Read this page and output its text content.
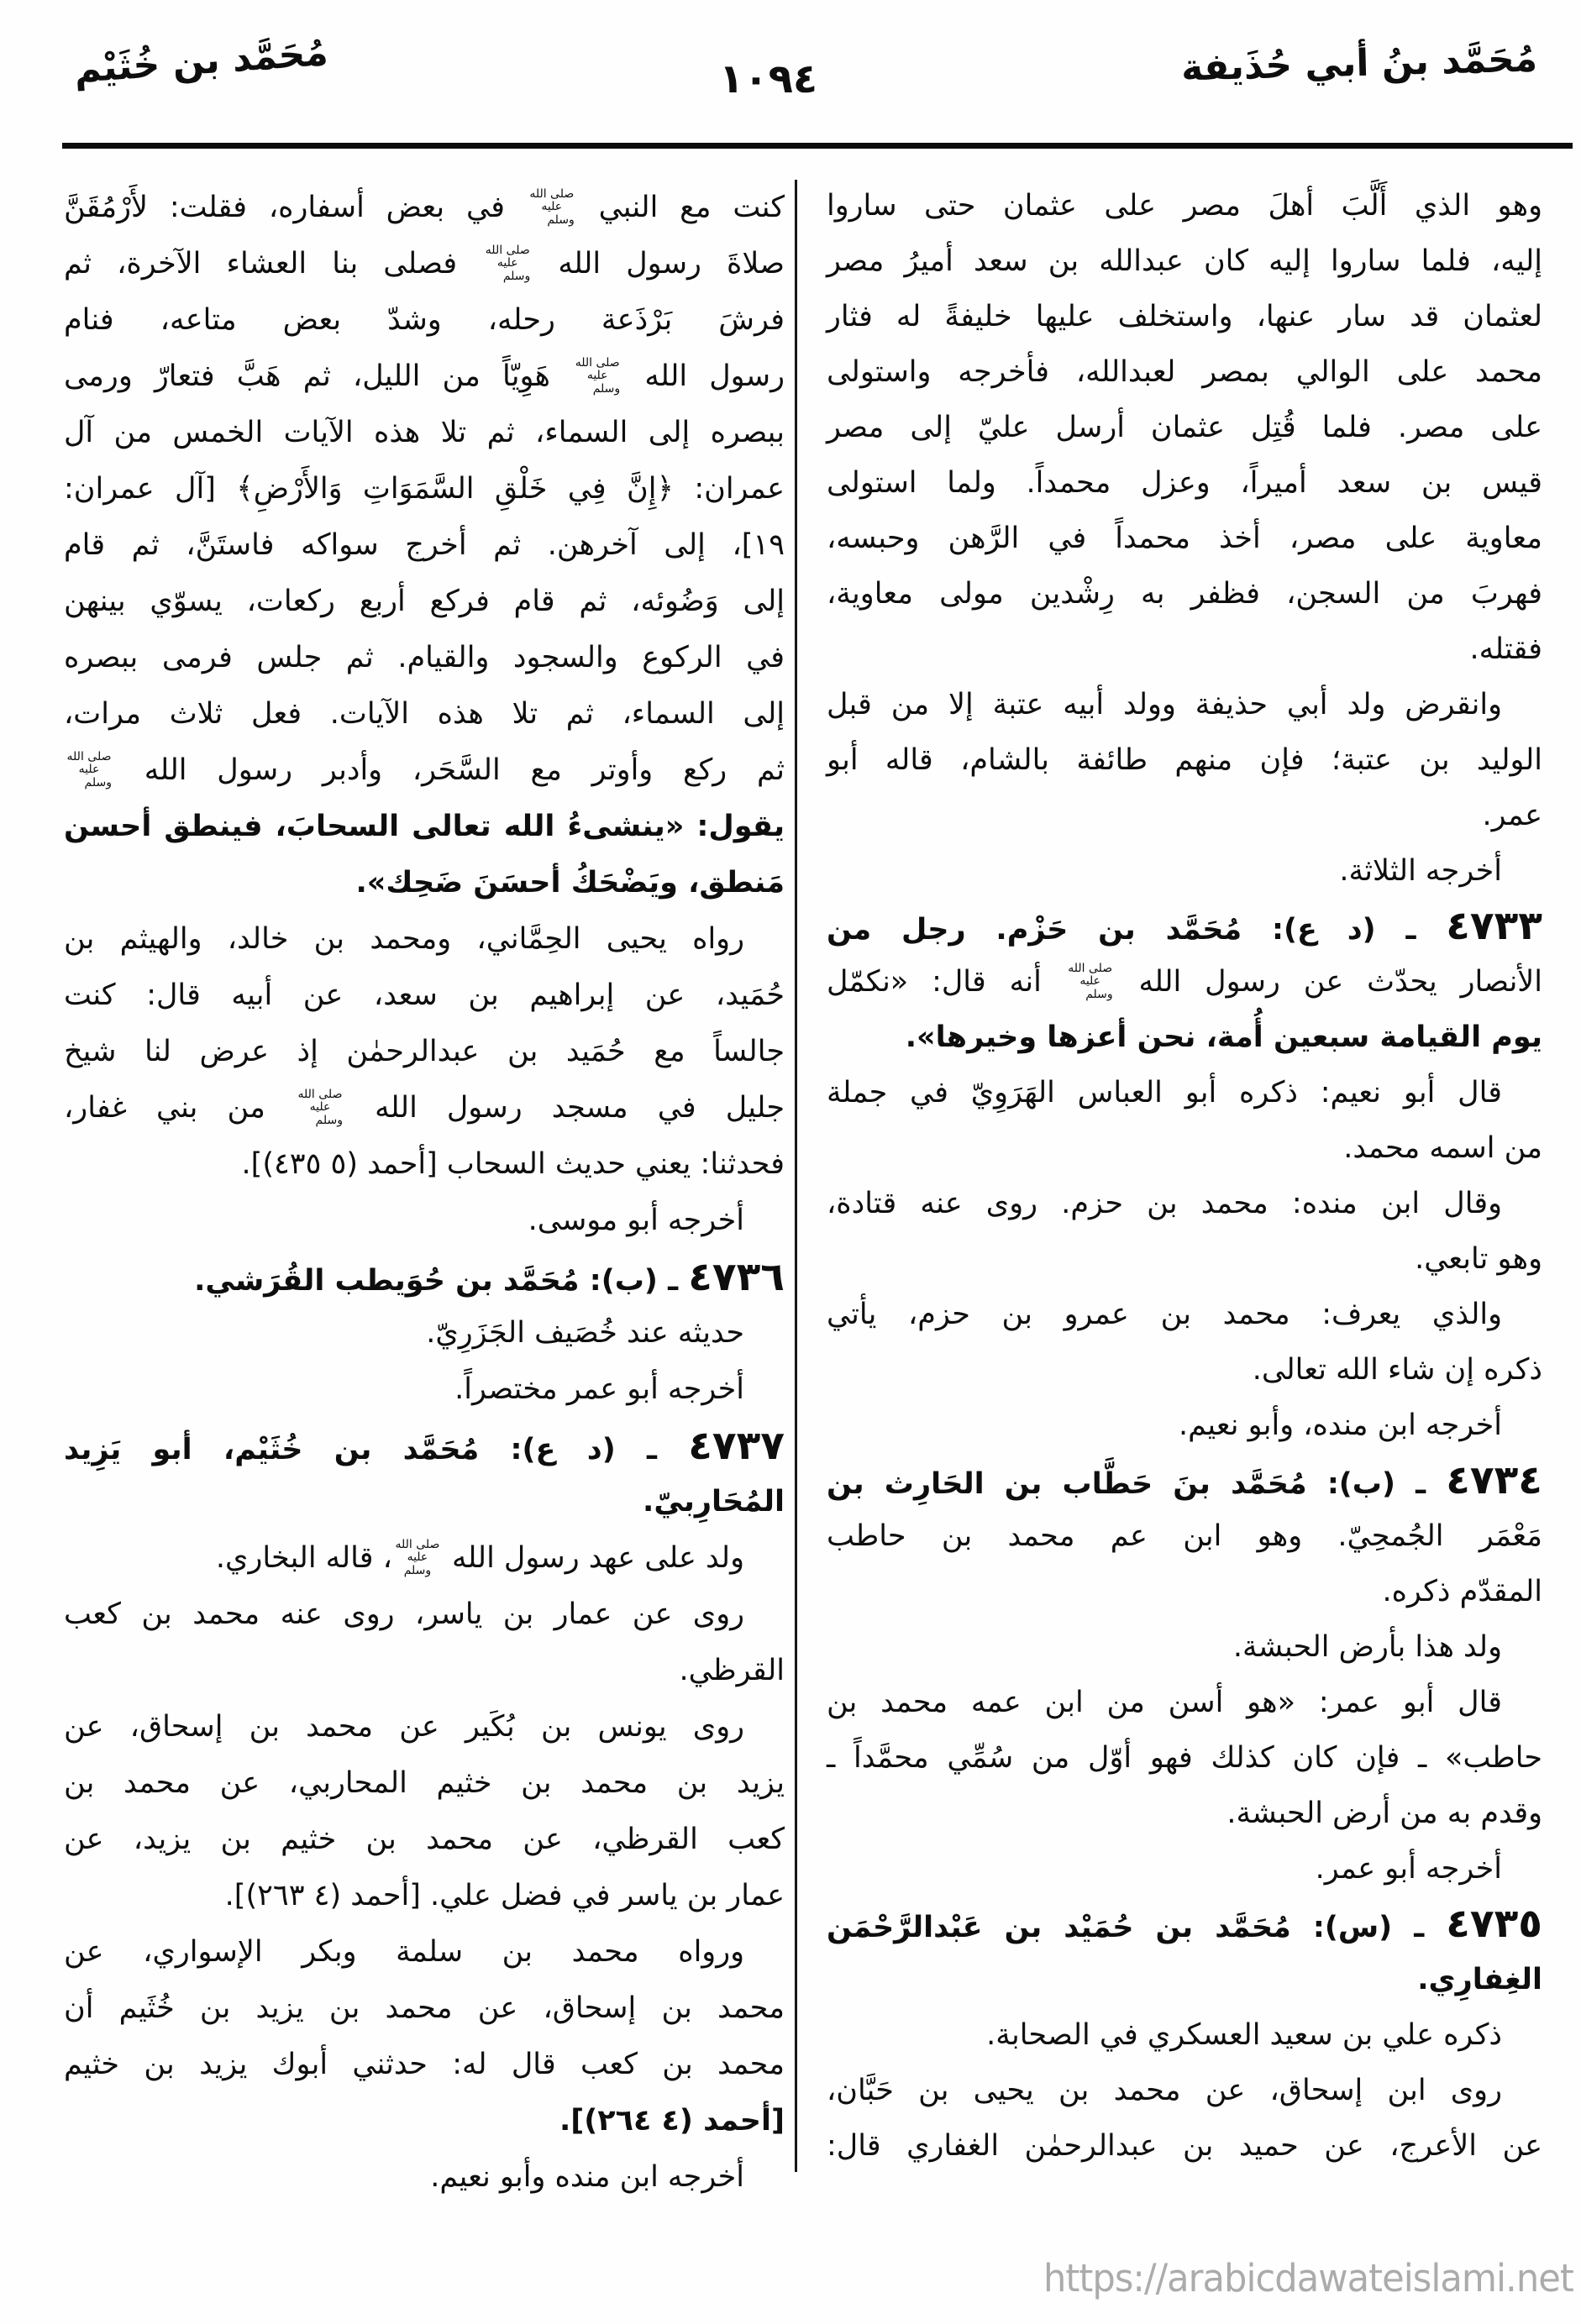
مُحَمَّد بنُ أبي حُذَيفة
١٠٩٤
مُحَمَّد بن خُثَيْم
وهو الذي أَلَّبَ أهلَ مصر على عثمان حتى ساروا
إليه، فلما ساروا إليه كان عبدالله بن سعد أميرُ مصر
لعثمان قد سار عنها، واستخلف عليها خليفةً له فثار
محمد على الوالي بمصر لعبدالله، فأخرجه واستولى
على مصر. فلما قُتِل عثمان أرسل عليّ إلى مصر
قيس بن سعد أميراً، وعزل محمداً. ولما استولى
معاوية على مصر، أخذ محمداً في الرَّهن وحبسه،
فهربَ من السجن، فظفر به رِشْدين مولى معاوية،
فقتله.
وانقرض ولد أبي حذيفة وولد أبيه عتبة إلا من قبل
الوليد بن عتبة؛ فإن منهم طائفة بالشام، قاله أبو
عمر.
أخرجه الثلاثة.
٤٧٣٣ ـ (د ع): مُحَمَّد بن حَزْم. رجل من
الأنصار يحدّث عن رسول الله صلى الله عليه وسلم أنه قال: «نكمّل
يوم القيامة سبعين أُمة، نحن أعزها وخيرها».
قال أبو نعيم: ذكره أبو العباس الهَرَوِيّ في جملة
من اسمه محمد.
وقال ابن منده: محمد بن حزم. روى عنه قتادة،
وهو تابعي.
والذي يعرف: محمد بن عمرو بن حزم، يأتي
ذكره إن شاء الله تعالى.
أخرجه ابن منده، وأبو نعيم.
٤٧٣٤ ـ (ب): مُحَمَّد بنَ حَطَّاب بن الحَارِث بن
مَعْمَر الجُمحِيّ. وهو ابن عم محمد بن حاطب
المقدّم ذكره.
ولد هذا بأرض الحبشة.
قال أبو عمر: «هو أسن من ابن عمه محمد بن
حاطب» ـ فإن كان كذلك فهو أوّل من سُمِّي محمَّداً ـ
وقدم به من أرض الحبشة.
أخرجه أبو عمر.
٤٧٣٥ ـ (س): مُحَمَّد بن حُمَيْد بن عَبْدالرَّحْمَن
الغِفارِي.
ذكره علي بن سعيد العسكري في الصحابة.
روى ابن إسحاق، عن محمد بن يحيى بن حَبَّان،
عن الأعرج، عن حميد بن عبدالرحمٰن الغفاري قال:
كنت مع النبي صلى الله عليه وسلم في بعض أسفاره، فقلت: لأَرْمُقَنَّ
صلاةَ رسول الله صلى الله عليه وسلم فصلى بنا العشاء الآخرة، ثم
فرشَ بَرْذَعة رحله، وشدّ بعض متاعه، فنام
رسول الله صلى الله عليه وسلم هَوِيّاً من الليل، ثم هَبَّ فتعارّ ورمى
ببصره إلى السماء، ثم تلا هذه الآيات الخمس من آل
عمران: ﴿إِنَّ فِي خَلْقِ السَّمَوَاتِ وَالأَرْضِ﴾ [آل عمران:
١٩]، إلى آخرهن. ثم أخرج سواكه فاستَنَّ، ثم قام
إلى وَضُوئه، ثم قام فركع أربع ركعات، يسوّي بينهن
في الركوع والسجود والقيام. ثم جلس فرمى ببصره
إلى السماء، ثم تلا هذه الآيات. فعل ثلاث مرات،
ثم ركع وأوتر مع السَّحَر، وأدبر رسول الله صلى الله عليه وسلم
يقول: «ينشىءُ الله تعالى السحابَ، فينطق أحسن
مَنطق، ويَضْحَكُ أحسَنَ ضَحِك».
رواه يحيى الحِمَّاني، ومحمد بن خالد، والهيثم بن
حُمَيد، عن إبراهيم بن سعد، عن أبيه قال: كنت
جالساً مع حُمَيد بن عبدالرحمٰن إذ عرض لنا شيخ
جليل في مسجد رسول الله صلى الله عليه وسلم من بني غفار،
فحدثنا: يعني حديث السحاب [أحمد (٥ ٤٣٥)].
أخرجه أبو موسى.
٤٧٣٦ ـ (ب): مُحَمَّد بن حُوَيطب القُرَشي.
حديثه عند خُصَيف الجَزَرِيّ.
أخرجه أبو عمر مختصراً.
٤٧٣٧ ـ (د ع): مُحَمَّد بن خُثَيْم، أبو يَزِيد
المُحَارِبيّ.
ولد على عهد رسول الله صلى الله عليه وسلم، قاله البخاري.
روى عن عمار بن ياسر، روى عنه محمد بن كعب
القرظي.
روى يونس بن بُكَير عن محمد بن إسحاق، عن
يزيد بن محمد بن خثيم المحاربي، عن محمد بن
كعب القرظي، عن محمد بن خثيم بن يزيد، عن
عمار بن ياسر في فضل علي. [أحمد (٤ ٢٦٣)].
ورواه محمد بن سلمة وبكر الإسواري، عن
محمد بن إسحاق، عن محمد بن يزيد بن خُثَيم أن
محمد بن كعب قال له: حدثني أبوك يزيد بن خثيم
[أحمد (٤ ٢٦٤)].
أخرجه ابن منده وأبو نعيم.
https://arabicdawateislami.net
